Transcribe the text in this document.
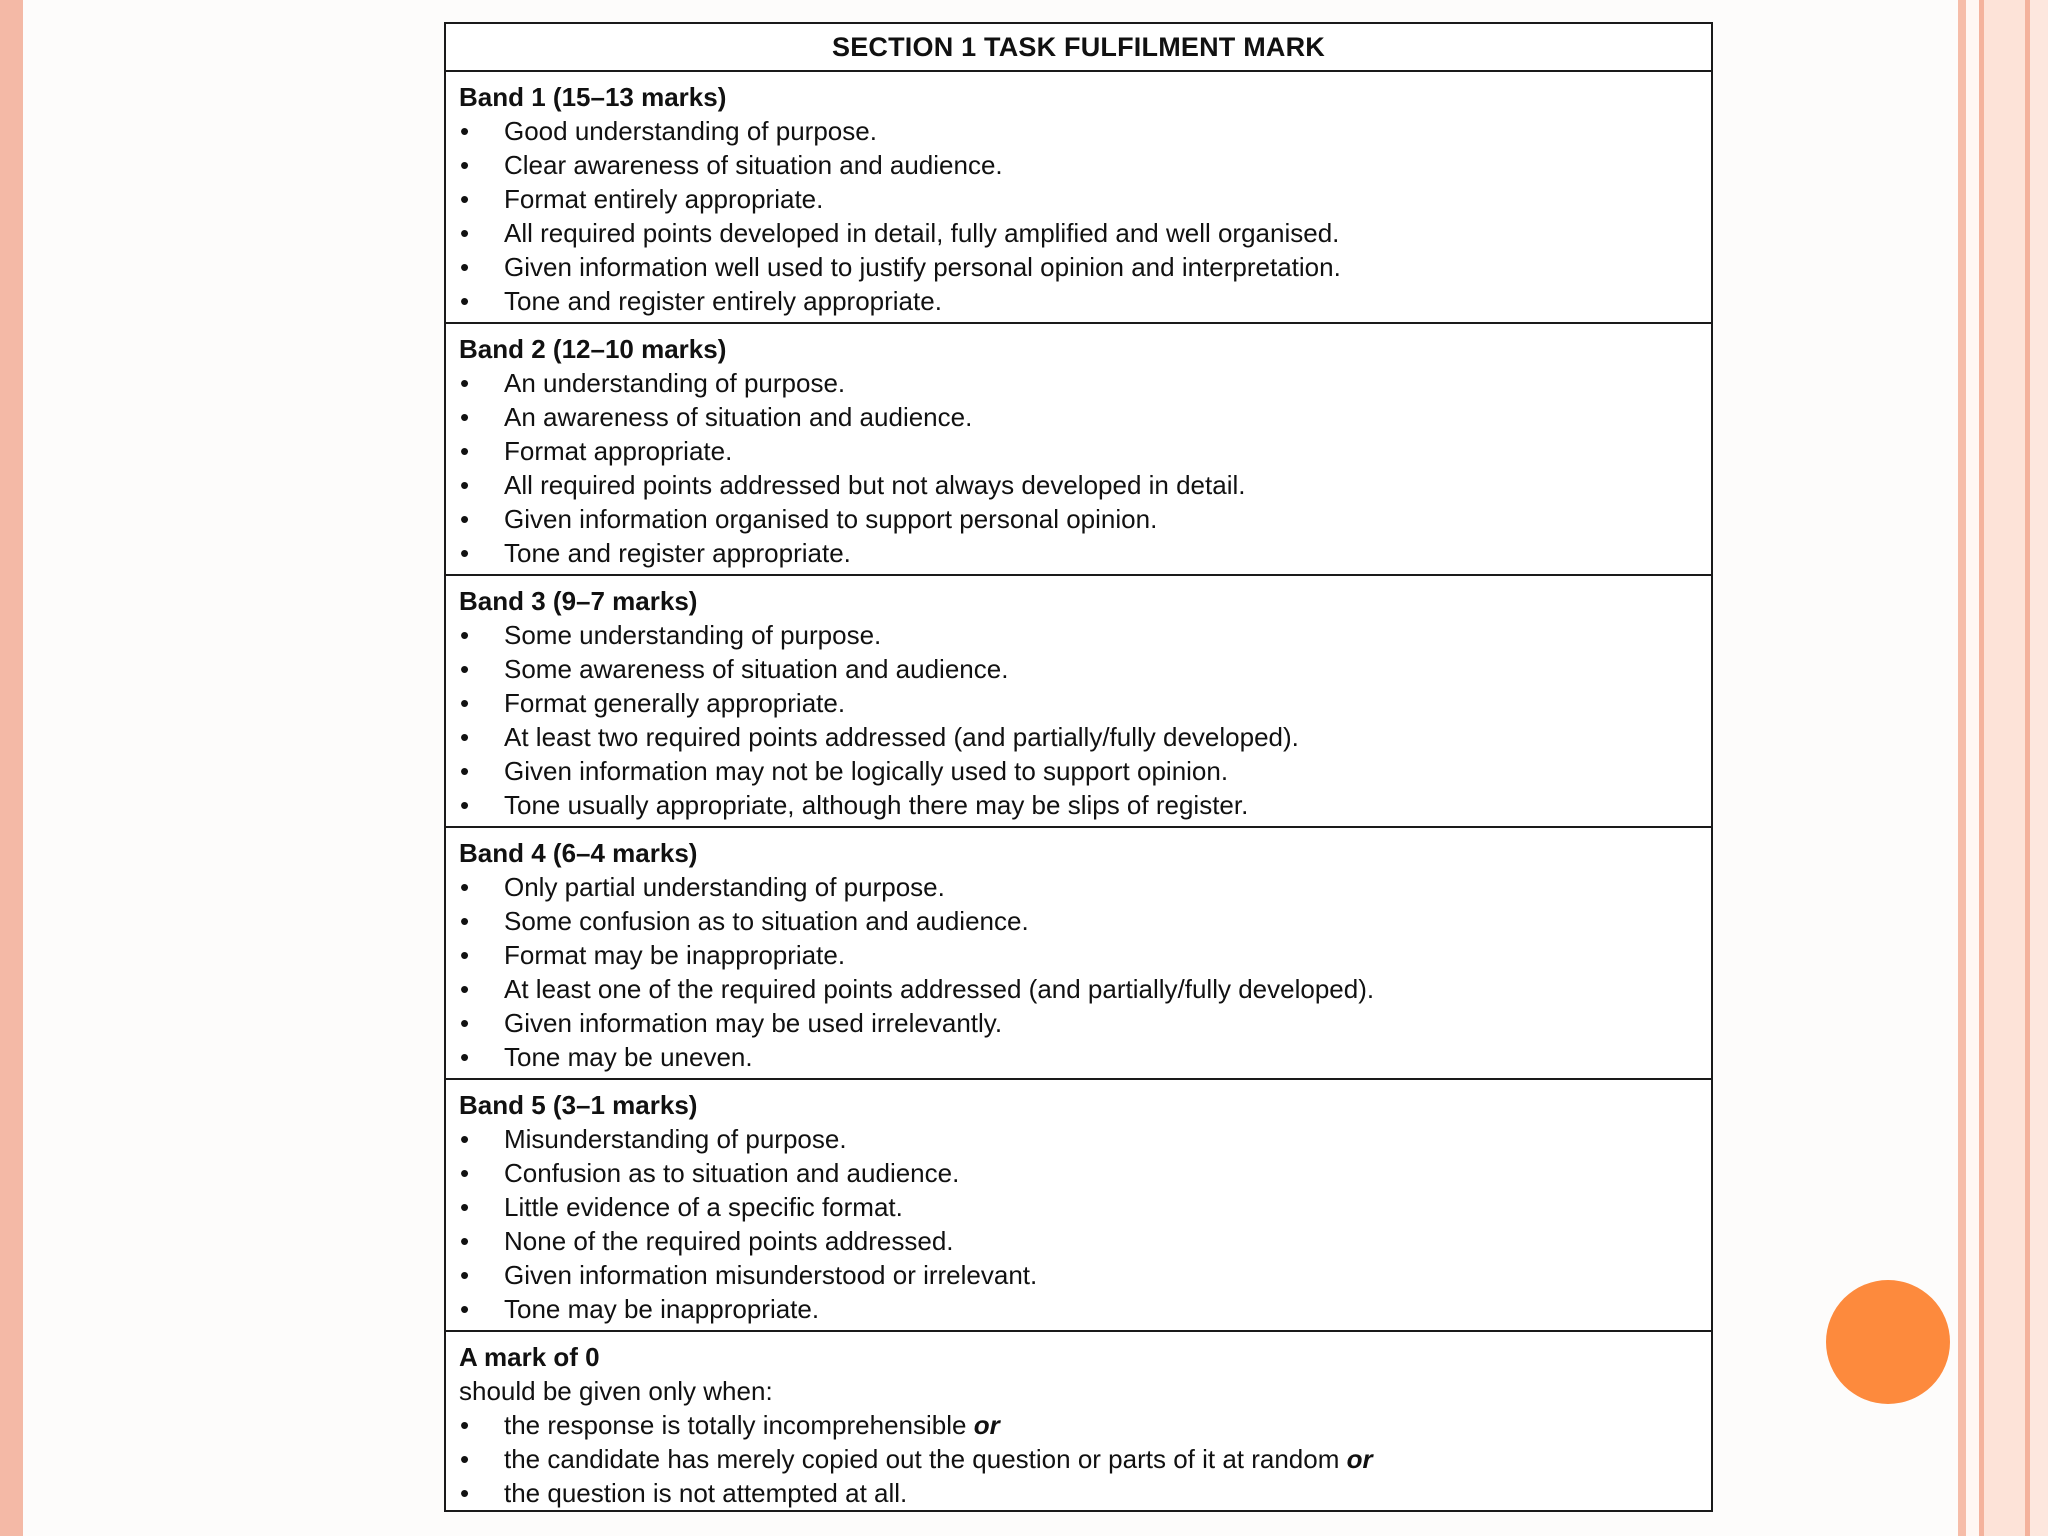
SECTION 1 TASK FULFILMENT MARK
Band 1 (15–13 marks)
• Good understanding of purpose.
• Clear awareness of situation and audience.
• Format entirely appropriate.
• All required points developed in detail, fully amplified and well organised.
• Given information well used to justify personal opinion and interpretation.
• Tone and register entirely appropriate.
Band 2 (12–10 marks)
• An understanding of purpose.
• An awareness of situation and audience.
• Format appropriate.
• All required points addressed but not always developed in detail.
• Given information organised to support personal opinion.
• Tone and register appropriate.
Band 3 (9–7 marks)
• Some understanding of purpose.
• Some awareness of situation and audience.
• Format generally appropriate.
• At least two required points addressed (and partially/fully developed).
• Given information may not be logically used to support opinion.
• Tone usually appropriate, although there may be slips of register.
Band 4 (6–4 marks)
• Only partial understanding of purpose.
• Some confusion as to situation and audience.
• Format may be inappropriate.
• At least one of the required points addressed (and partially/fully developed).
• Given information may be used irrelevantly.
• Tone may be uneven.
Band 5 (3–1 marks)
• Misunderstanding of purpose.
• Confusion as to situation and audience.
• Little evidence of a specific format.
• None of the required points addressed.
• Given information misunderstood or irrelevant.
• Tone may be inappropriate.
A mark of 0
should be given only when:
• the response is totally incomprehensible or
• the candidate has merely copied out the question or parts of it at random or
• the question is not attempted at all.
